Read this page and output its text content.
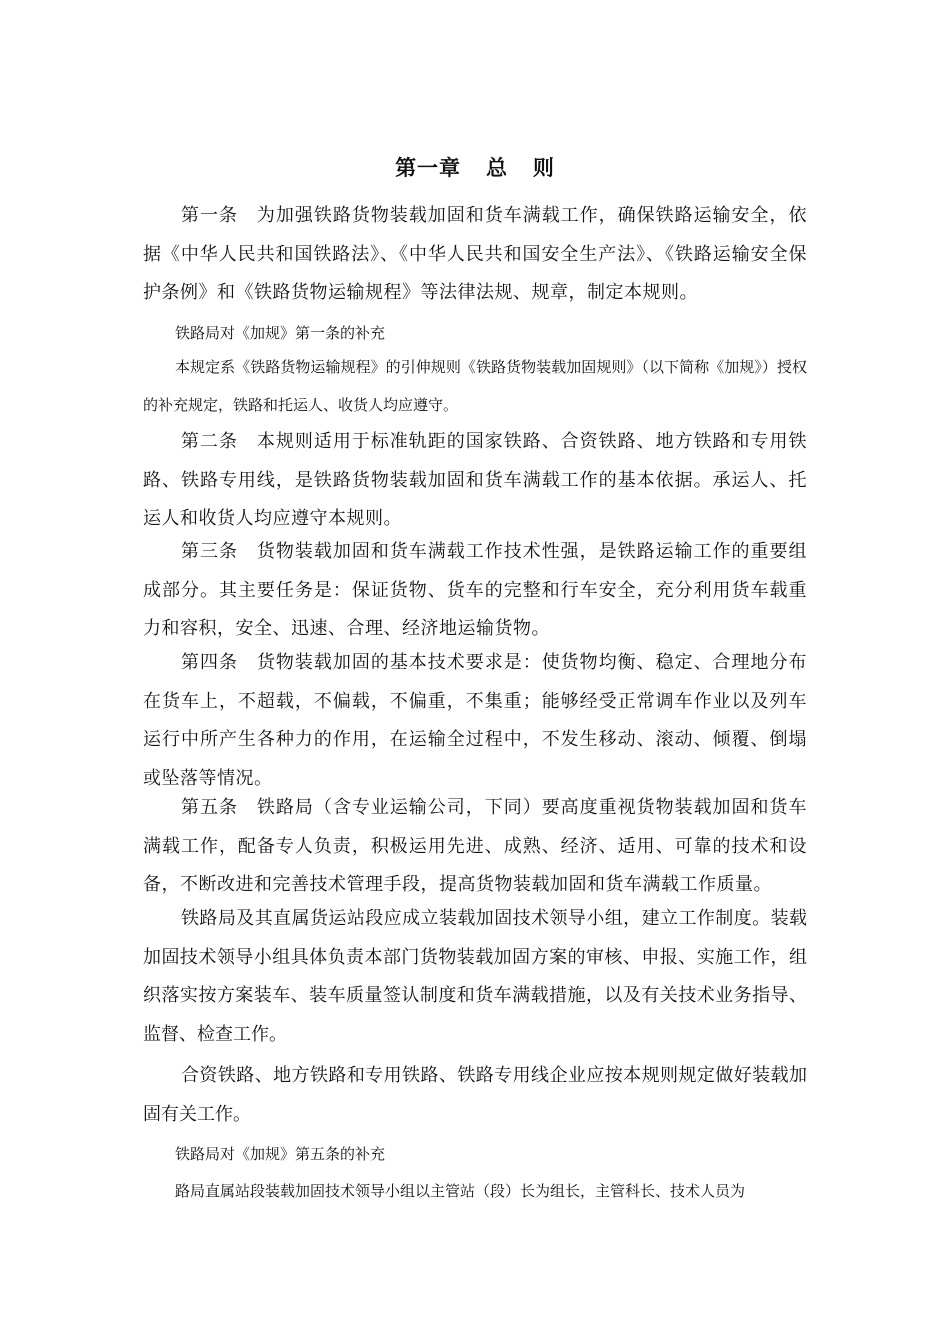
第一章   总   则

第一条　为加强铁路货物装载加固和货车满载工作，确保铁路运输安全，依据《中华人民共和国铁路法》、《中华人民共和国安全生产法》、《铁路运输安全保护条例》和《铁路货物运输规程》等法律法规、规章，制定本规则。

铁路局对《加规》第一条的补充

本规定系《铁路货物运输规程》的引伸规则《铁路货物装载加固规则》（以下简称《加规》）授权的补充规定，铁路和托运人、收货人均应遵守。

第二条　本规则适用于标准轨距的国家铁路、合资铁路、地方铁路和专用铁路、铁路专用线，是铁路货物装载加固和货车满载工作的基本依据。承运人、托运人和收货人均应遵守本规则。

第三条　货物装载加固和货车满载工作技术性强，是铁路运输工作的重要组成部分。其主要任务是：保证货物、货车的完整和行车安全，充分利用货车载重力和容积，安全、迅速、合理、经济地运输货物。

第四条　货物装载加固的基本技术要求是：使货物均衡、稳定、合理地分布在货车上，不超载，不偏载，不偏重，不集重；能够经受正常调车作业以及列车运行中所产生各种力的作用，在运输全过程中，不发生移动、滚动、倾覆、倒塌或坠落等情况。

第五条　铁路局（含专业运输公司，下同）要高度重视货物装载加固和货车满载工作，配备专人负责，积极运用先进、成熟、经济、适用、可靠的技术和设备，不断改进和完善技术管理手段，提高货物装载加固和货车满载工作质量。

铁路局及其直属货运站段应成立装载加固技术领导小组，建立工作制度。装载加固技术领导小组具体负责本部门货物装载加固方案的审核、申报、实施工作，组织落实按方案装车、装车质量签认制度和货车满载措施，以及有关技术业务指导、监督、检查工作。

合资铁路、地方铁路和专用铁路、铁路专用线企业应按本规则规定做好装载加固有关工作。

铁路局对《加规》第五条的补充

路局直属站段装载加固技术领导小组以主管站（段）长为组长，主管科长、技术人员为
